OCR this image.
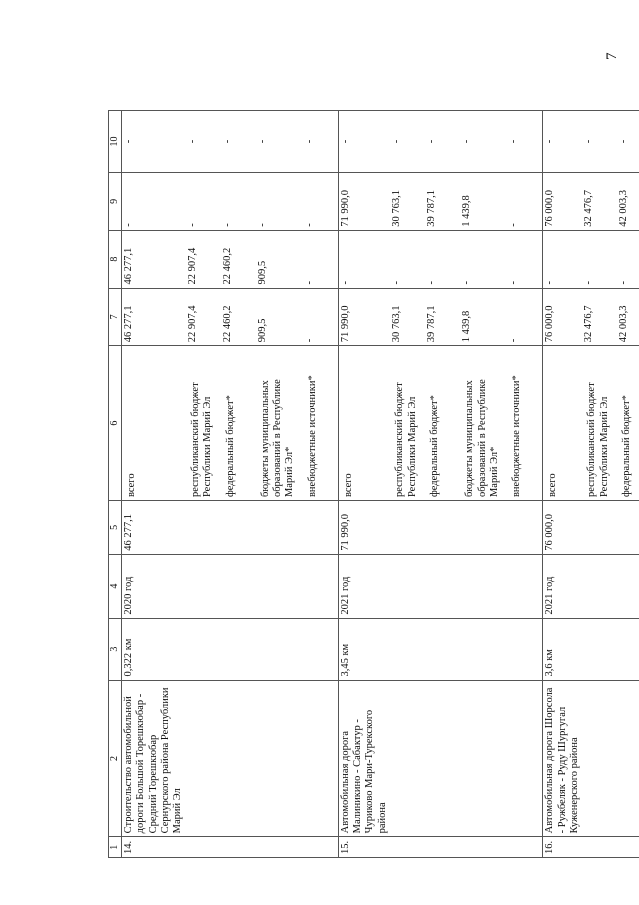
7
1	2	3	4	5	6	7	8	9	10
14.	Строительство автомобильной дороги Большой Торешкюбар - Средний Торешкюбар Сернурского района Республики Марий Эл	0,322 км	2020 год	46 277,1	всего	46 277,1	46 277,1	-	-
					республиканский бюджет Республики Марий Эл	22 907,4	22 907,4	-	-
					федеральный бюджет*	22 460,2	22 460,2	-	-
					бюджеты муниципальных образований в Республике Марий Эл*	909,5	909,5	-	-
					внебюджетные источники*	-	-	-	-
15.	Автомобильная дорога Малиникино - Сабактур - Чуриково Мари-Турекского района	3,45 км	2021 год	71 990,0	всего	71 990,0	-	71 990,0	-
					республиканский бюджет Республики Марий Эл	30 763,1	-	30 763,1	-
					федеральный бюджет*	39 787,1	-	39 787,1	-
					бюджеты муниципальных образований в Республике Марий Эл*	1 439,8	-	1 439,8	-
					внебюджетные источники*	-	-	-	-
16.	Автомобильная дорога Шорсола - Ружбеляк - Руду Шургугал Куженерского района	3,6 км	2021 год	76 000,0	всего	76 000,0	-	76 000,0	-
					республиканский бюджет Республики Марий Эл	32 476,7	-	32 476,7	-
					федеральный бюджет*	42 003,3	-	42 003,3	-
